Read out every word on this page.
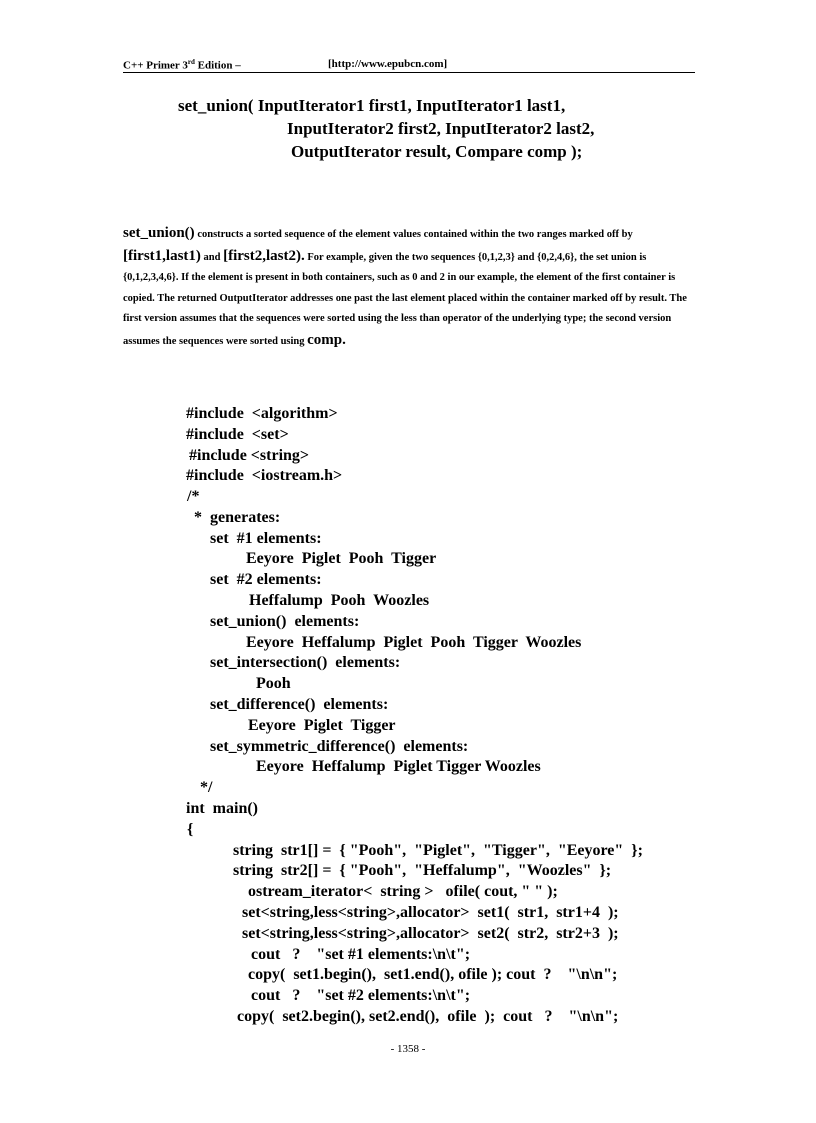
C++ Primer 3rd Edition –	[http://www.epubcn.com]
set_union( InputIterator1 first1, InputIterator1 last1,
InputIterator2 first2, InputIterator2 last2,
OutputIterator result, Compare comp );
set_union() constructs a sorted sequence of the element values contained within the two ranges marked off by [first1,last1) and [first2,last2). For example, given the two sequences {0,1,2,3} and {0,2,4,6}, the set union is {0,1,2,3,4,6}. If the element is present in both containers, such as 0 and 2 in our example, the element of the first container is copied. The returned OutputIterator addresses one past the last element placed within the container marked off by result. The first version assumes that the sequences were sorted using the less than operator of the underlying type; the second version assumes the sequences were sorted using comp.
#include  <algorithm>
#include  <set>
#include <string>
#include  <iostream.h>
/*
*  generates:
set  #1 elements:
Eeyore  Piglet  Pooh  Tigger
set  #2 elements:
Heffalump  Pooh  Woozles
set_union()  elements:
Eeyore  Heffalump  Piglet  Pooh  Tigger  Woozles
set_intersection()  elements:
Pooh
set_difference()  elements:
Eeyore  Piglet  Tigger
set_symmetric_difference()  elements:
Eeyore  Heffalump  Piglet Tigger Woozles
*/
int  main()
{
string  str1[] =  { "Pooh",  "Piglet",  "Tigger",  "Eeyore"  };
string  str2[] =  { "Pooh",  "Heffalump",  "Woozles"  };
ostream_iterator<  string >   ofile( cout, " " );
set<string,less<string>,allocator>  set1(  str1,  str1+4  );
set<string,less<string>,allocator>  set2(  str2,  str2+3  );
cout   ?    "set #1 elements:\n\t";
copy(  set1.begin(),  set1.end(), ofile ); cout  ?    "\n\n";
cout   ?    "set #2 elements:\n\t";
copy(  set2.begin(), set2.end(),  ofile  );  cout   ?    "\n\n";
- 1358 -
